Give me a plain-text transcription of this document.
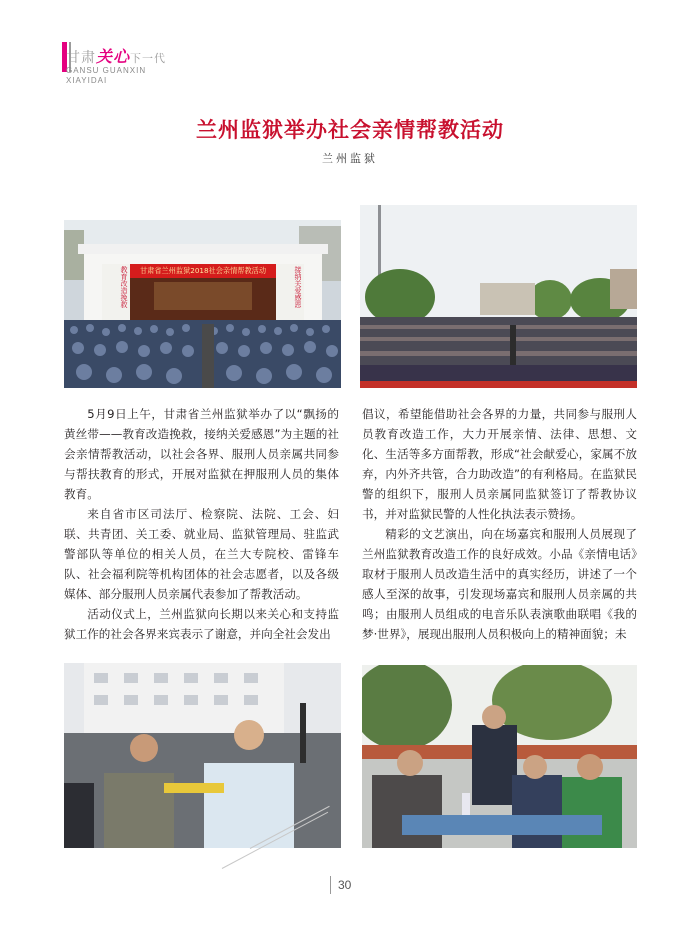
甘肃关心下一代
GANSU GUANXIN
XIAYIDAI
兰州监狱举办社会亲情帮教活动
兰州监狱
甘肃省兰州监狱2018社会亲情帮教活动
教育改造挽救	接纳关爱感恩

5月9日上午，甘肃省兰州监狱举办了以“飘扬的黄丝带——教育改造挽救，接纳关爱感恩”为主题的社会亲情帮教活动，以社会各界、服刑人员亲属共同参与帮扶教育的形式，开展对监狱在押服刑人员的集体教育。

来自省市区司法厅、检察院、法院、工会、妇联、共青团、关工委、就业局、监狱管理局、驻监武警部队等单位的相关人员，在兰大专院校、雷锋车队、社会福利院等机构团体的社会志愿者，以及各级媒体、部分服刑人员亲属代表参加了帮教活动。

活动仪式上，兰州监狱向长期以来关心和支持监狱工作的社会各界来宾表示了谢意，并向全社会发出

倡议，希望能借助社会各界的力量，共同参与服刑人员教育改造工作，大力开展亲情、法律、思想、文化、生活等多方面帮教，形成“社会献爱心，家属不放弃，内外齐共管，合力助改造”的有利格局。在监狱民警的组织下，服刑人员亲属同监狱签订了帮教协议书，并对监狱民警的人性化执法表示赞扬。

精彩的文艺演出，向在场嘉宾和服刑人员展现了兰州监狱教育改造工作的良好成效。小品《亲情电话》取材于服刑人员改造生活中的真实经历，讲述了一个感人至深的故事，引发现场嘉宾和服刑人员亲属的共鸣；由服刑人员组成的电音乐队表演歌曲联唱《我的梦·世界》，展现出服刑人员积极向上的精神面貌；未

30
